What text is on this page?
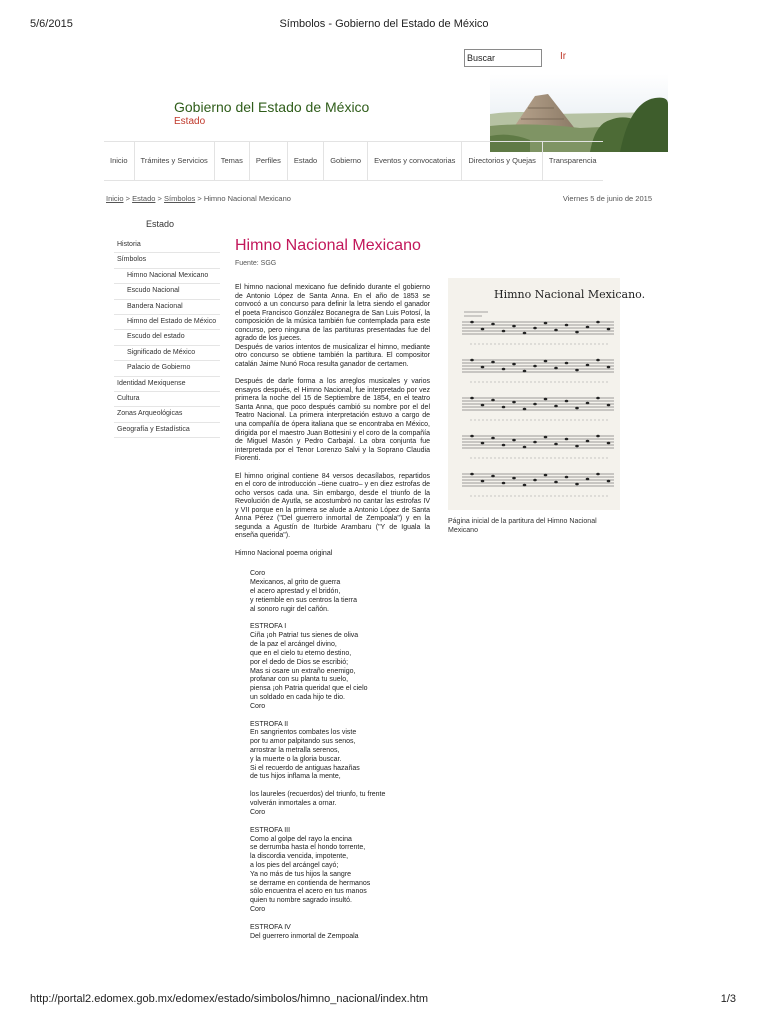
5/6/2015	Símbolos - Gobierno del Estado de México
Buscar	Ir
Gobierno del Estado de México
Estado
Inicio	Trámites y Servicios	Temas	Perfiles	Estado	Gobierno	Eventos y convocatorias	Directorios y Quejas	Transparencia
Inicio > Estado > Símbolos > Himno Nacional Mexicano	Viernes 5 de junio de 2015
Estado
Historia
Símbolos
Himno Nacional Mexicano
Escudo Nacional
Bandera Nacional
Himno del Estado de México
Escudo del estado
Significado de México
Palacio de Gobierno
Identidad Mexiquense
Cultura
Zonas Arqueológicas
Geografía y Estadística
Himno Nacional Mexicano
Fuente: SGG

El himno nacional mexicano fue definido durante el gobierno de Antonio López de Santa Anna. En el año de 1853 se convocó a un concurso para definir la letra siendo el ganador el poeta Francisco González Bocanegra de San Luis Potosí, la composición de la música también fue contemplada para este concurso, pero ninguna de las partituras presentadas fue del agrado de los jueces.

Después de varios intentos de musicalizar el himno, mediante otro concurso se obtiene también la partitura. El compositor catalán Jaime Nunó Roca resulta ganador de certamen.

Después de darle forma a los arreglos musicales y varios ensayos después, el Himno Nacional, fue interpretado por vez primera la noche del 15 de Septiembre de 1854, en el teatro Santa Anna, que poco después cambió su nombre por el del Teatro Nacional. La primera interpretación estuvo a cargo de una compañía de ópera italiana que se encontraba en México, dirigida por el maestro Juan Bottesini y el coro de la compañía de Miguel Masón y Pedro Carbajal. La obra conjunta fue interpretada por el Tenor Lorenzo Salvi y la Soprano Claudia Fiorenti.

El himno original contiene 84 versos decasílabos, repartidos en el coro de introducción –tiene cuatro– y en diez estrofas de ocho versos cada una. Sin embargo, desde el triunfo de la Revolución de Ayutla, se acostumbró no cantar las estrofas IV y VII porque en la primera se alude a Antonio López de Santa Anna Pérez ("Del guerrero inmortal de Zempoala") y en la segunda a Agustín de Iturbide Arambaru ("Y de Iguala la enseña querida").

Himno Nacional poema original
Coro
Mexicanos, al grito de guerra
el acero aprestad y el bridón,
y retiemble en sus centros la tierra
al sonoro rugir del cañón.
ESTROFA I
Ciña ¡oh Patria! tus sienes de oliva
de la paz el arcángel divino,
que en el cielo tu eterno destino,
por el dedo de Dios se escribió;
Mas si osare un extraño enemigo,
profanar con su planta tu suelo,
piensa ¡oh Patria querida! que el cielo
un soldado en cada hijo te dio.
Coro
ESTROFA II
En sangrientos combates los viste
por tu amor palpitando sus senos,
arrostrar la metralla serenos,
y la muerte o la gloria buscar.
Si el recuerdo de antiguas hazañas
de tus hijos inflama la mente,
los laureles (recuerdos) del triunfo, tu frente
volverán inmortales a ornar.
Coro
ESTROFA III
Como al golpe del rayo la encina
se derrumba hasta el hondo torrente,
la discordia vencida, impotente,
a los pies del arcángel cayó;
Ya no más de tus hijos la sangre
se derrame en contienda de hermanos
sólo encuentra el acero en tus manos
quien tu nombre sagrado insultó.
Coro
ESTROFA IV
Del guerrero inmortal de Zempoala
Himno Nacional Mexicano.
Página inicial de la partitura del Himno Nacional Mexicano
http://portal2.edomex.gob.mx/edomex/estado/simbolos/himno_nacional/index.htm	1/3
